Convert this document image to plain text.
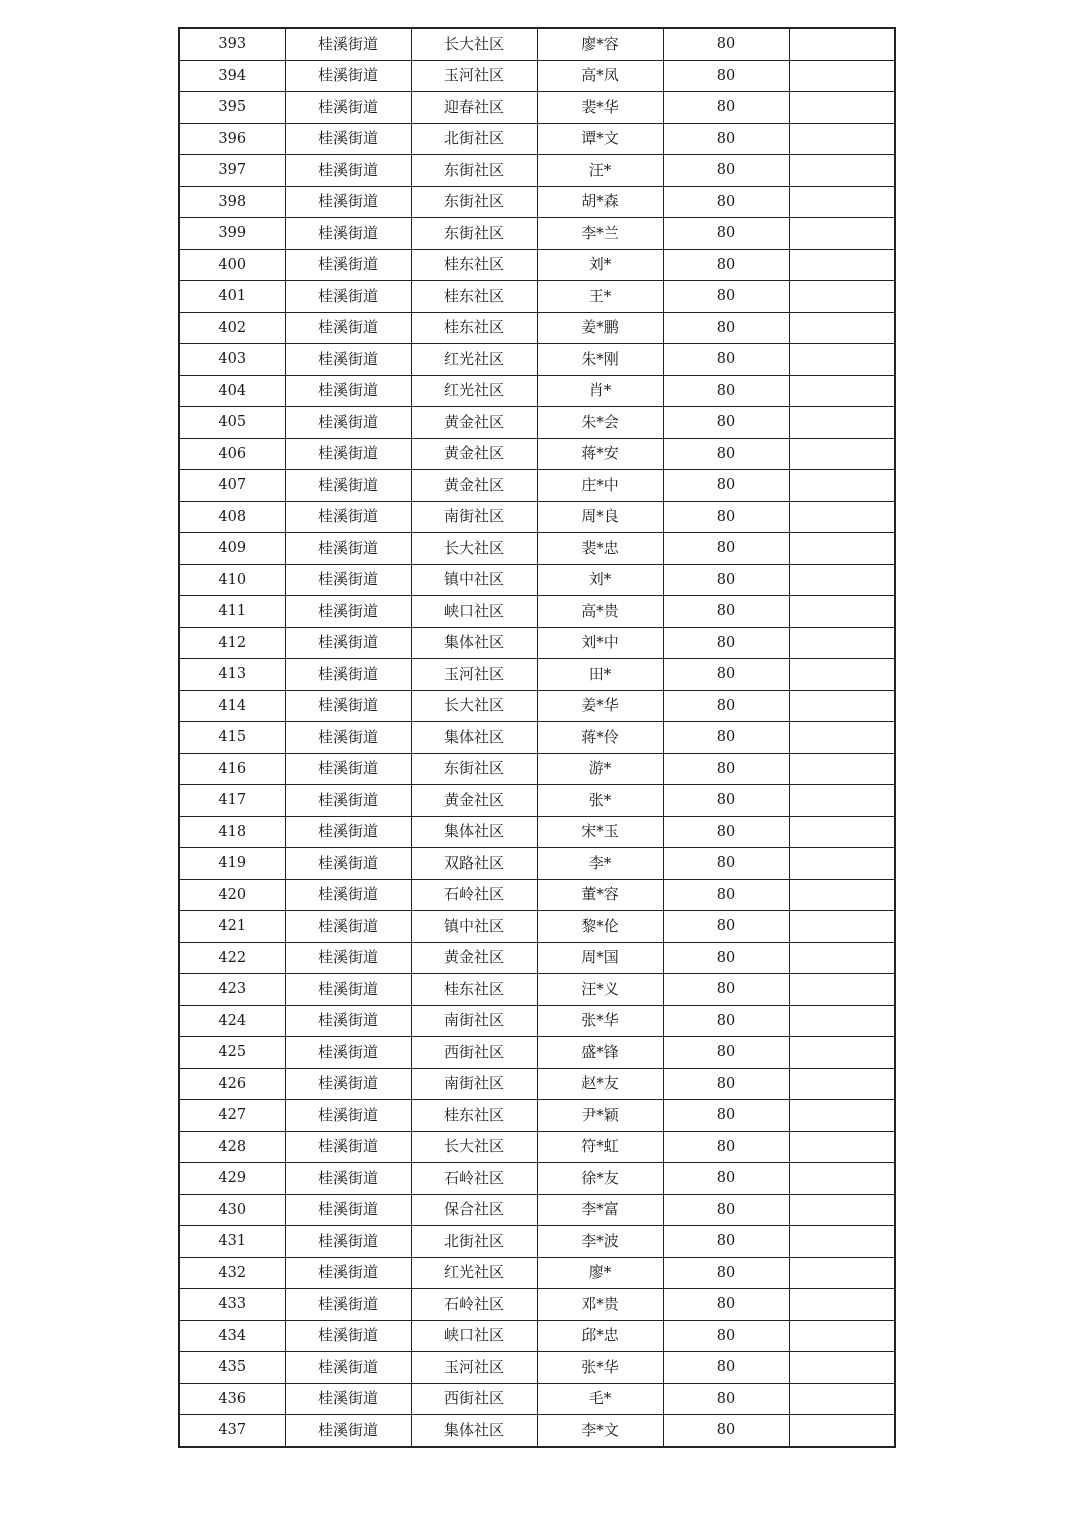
393	桂溪街道	长大社区	廖*容	80	
394	桂溪街道	玉河社区	高*凤	80	
395	桂溪街道	迎春社区	裴*华	80	
396	桂溪街道	北街社区	谭*文	80	
397	桂溪街道	东街社区	汪*	80	
398	桂溪街道	东街社区	胡*森	80	
399	桂溪街道	东街社区	李*兰	80	
400	桂溪街道	桂东社区	刘*	80	
401	桂溪街道	桂东社区	王*	80	
402	桂溪街道	桂东社区	姜*鹏	80	
403	桂溪街道	红光社区	朱*刚	80	
404	桂溪街道	红光社区	肖*	80	
405	桂溪街道	黄金社区	朱*会	80	
406	桂溪街道	黄金社区	蒋*安	80	
407	桂溪街道	黄金社区	庄*中	80	
408	桂溪街道	南街社区	周*良	80	
409	桂溪街道	长大社区	裴*忠	80	
410	桂溪街道	镇中社区	刘*	80	
411	桂溪街道	峡口社区	高*贵	80	
412	桂溪街道	集体社区	刘*中	80	
413	桂溪街道	玉河社区	田*	80	
414	桂溪街道	长大社区	姜*华	80	
415	桂溪街道	集体社区	蒋*伶	80	
416	桂溪街道	东街社区	游*	80	
417	桂溪街道	黄金社区	张*	80	
418	桂溪街道	集体社区	宋*玉	80	
419	桂溪街道	双路社区	李*	80	
420	桂溪街道	石岭社区	董*容	80	
421	桂溪街道	镇中社区	黎*伦	80	
422	桂溪街道	黄金社区	周*国	80	
423	桂溪街道	桂东社区	汪*义	80	
424	桂溪街道	南街社区	张*华	80	
425	桂溪街道	西街社区	盛*锋	80	
426	桂溪街道	南街社区	赵*友	80	
427	桂溪街道	桂东社区	尹*颖	80	
428	桂溪街道	长大社区	符*虹	80	
429	桂溪街道	石岭社区	徐*友	80	
430	桂溪街道	保合社区	李*富	80	
431	桂溪街道	北街社区	李*波	80	
432	桂溪街道	红光社区	廖*	80	
433	桂溪街道	石岭社区	邓*贵	80	
434	桂溪街道	峡口社区	邱*忠	80	
435	桂溪街道	玉河社区	张*华	80	
436	桂溪街道	西街社区	毛*	80	
437	桂溪街道	集体社区	李*文	80	
